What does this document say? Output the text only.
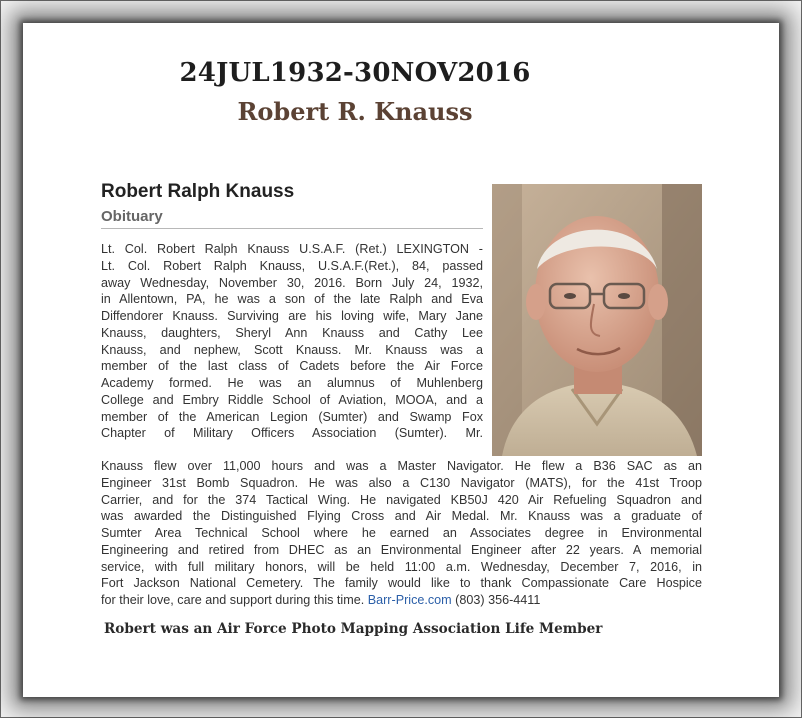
24JUL1932-30NOV2016
Robert R. Knauss
Robert Ralph Knauss
Obituary
Lt. Col. Robert Ralph Knauss U.S.A.F. (Ret.) LEXINGTON -
Lt. Col. Robert Ralph Knauss, U.S.A.F.(Ret.), 84, passed
away Wednesday, November 30, 2016. Born July 24, 1932,
in Allentown, PA, he was a son of the late Ralph and Eva
Diffendorer Knauss. Surviving are his loving wife, Mary Jane
Knauss, daughters, Sheryl Ann Knauss and Cathy Lee
Knauss, and nephew, Scott Knauss. Mr. Knauss was a
member of the last class of Cadets before the Air Force
Academy formed. He was an alumnus of Muhlenberg
College and Embry Riddle School of Aviation, MOOA, and a
member of the American Legion (Sumter) and Swamp Fox
Chapter of Military Officers Association (Sumter). Mr.
Knauss flew over 11,000 hours and was a Master Navigator. He flew a B36 SAC as an
Engineer 31st Bomb Squadron. He was also a C130 Navigator (MATS), for the 41st Troop
Carrier, and for the 374 Tactical Wing. He navigated KB50J 420 Air Refueling Squadron and
was awarded the Distinguished Flying Cross and Air Medal. Mr. Knauss was a graduate of
Sumter Area Technical School where he earned an Associates degree in Environmental
Engineering and retired from DHEC as an Environmental Engineer after 22 years. A memorial
service, with full military honors, will be held 11:00 a.m. Wednesday, December 7, 2016, in
Fort Jackson National Cemetery. The family would like to thank Compassionate Care Hospice
for their love, care and support during this time. Barr-Price.com (803) 356-4411
Robert was an Air Force Photo Mapping Association Life Member
